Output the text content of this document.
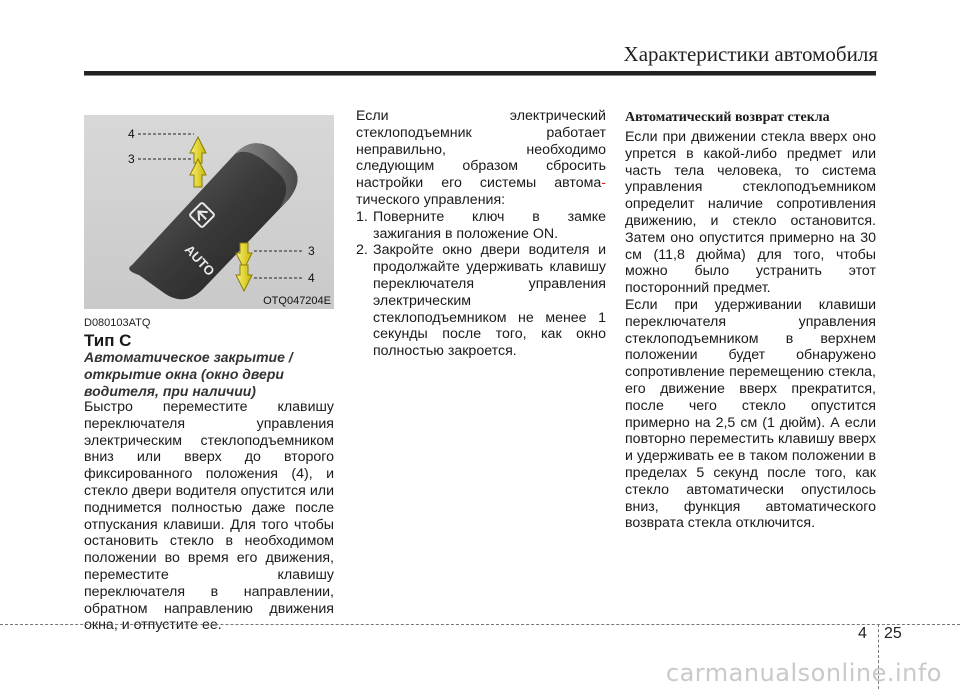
Характеристики автомобиля
AUTO
4
3
3
4
OTQ047204E
D080103ATQ
Тип С
Автоматическое закрытие / открытие окна (окно двери водителя, при наличии)
Быстро переместите клавишу переключателя управления электрическим стеклоподъемником вниз или вверх до второго фиксированного положения (4), и стекло двери водителя опустится или поднимется полностью даже после отпускания клавиши. Для того чтобы остановить стекло в необходимом положении во время его движения, переместите клавишу переключателя в направлении, обратном направлению движения окна, и отпустите ее.

Если электрический стеклоподъемник работает неправильно, необходимо следующим образом сбросить настройки его системы автома- тического управления:

1. Поверните ключ в замке зажигания в положение ON.
2. Закройте окно двери водителя и продолжайте удерживать клавишу переключателя управления электрическим стеклоподъемником не менее 1 секунды после того, как окно полностью закроется.
Автоматический возврат стекла

Если при движении стекла вверх оно упрется в какой-либо предмет или часть тела человека, то система управления стеклоподъемником определит наличие сопротивления движению, и стекло остановится. Затем оно опустится примерно на 30 см (11,8 дюйма) для того, чтобы можно было устранить этот посторонний предмет.

Если при удерживании клавиши переключателя управления стеклоподъемником в верхнем положении будет обнаружено сопротивление перемещению стекла, его движение вверх прекратится, после чего стекло опустится примерно на 2,5 см (1 дюйм). А если повторно переместить клавишу вверх и удерживать ее в таком положении в пределах 5 секунд после того, как стекло автоматически опустилось вниз, функция автоматического возврата стекла отключится.

4 25
carmanualsonline.info
